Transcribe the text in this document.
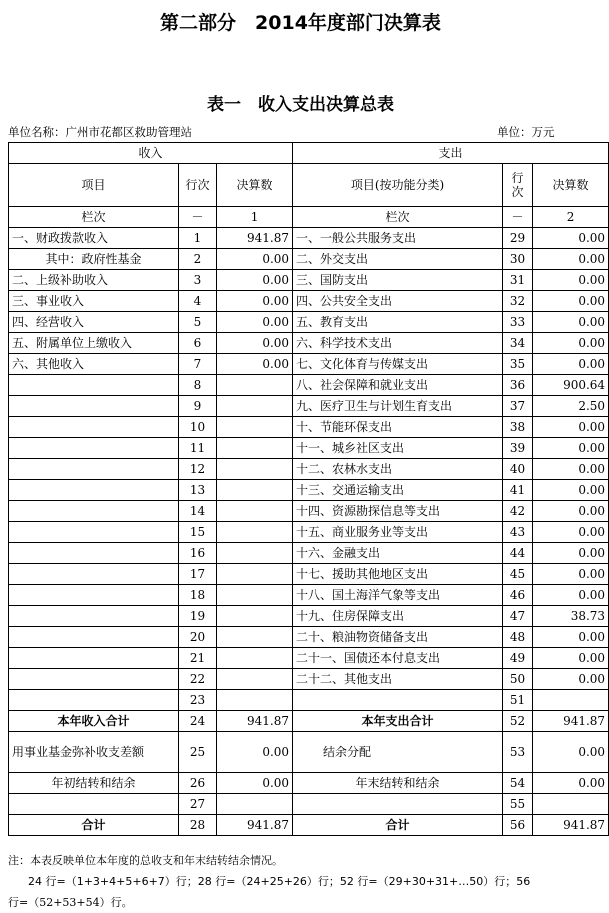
第二部分　2014年度部门决算表
表一　收入支出决算总表
单位名称：广州市花都区救助管理站	单位：万元
收入			支出		
项目	行次	决算数	项目(按功能分类)	行次	决算数
栏次	－	1	栏次	－	2
一、财政拨款收入	1	941.87	一、一般公共服务支出	29	0.00
其中：政府性基金	2	0.00	二、外交支出	30	0.00
二、上级补助收入	3	0.00	三、国防支出	31	0.00
三、事业收入	4	0.00	四、公共安全支出	32	0.00
四、经营收入	5	0.00	五、教育支出	33	0.00
五、附属单位上缴收入	6	0.00	六、科学技术支出	34	0.00
六、其他收入	7	0.00	七、文化体育与传媒支出	35	0.00
	8		八、社会保障和就业支出	36	900.64
	9		九、医疗卫生与计划生育支出	37	2.50
	10		十、节能环保支出	38	0.00
	11		十一、城乡社区支出	39	0.00
	12		十二、农林水支出	40	0.00
	13		十三、交通运输支出	41	0.00
	14		十四、资源勘探信息等支出	42	0.00
	15		十五、商业服务业等支出	43	0.00
	16		十六、金融支出	44	0.00
	17		十七、援助其他地区支出	45	0.00
	18		十八、国土海洋气象等支出	46	0.00
	19		十九、住房保障支出	47	38.73
	20		二十、粮油物资储备支出	48	0.00
	21		二十一、国债还本付息支出	49	0.00
	22		二十二、其他支出	50	0.00
	23			51	
本年收入合计	24	941.87	本年支出合计	52	941.87
用事业基金弥补收支差额	25	0.00	结余分配	53	0.00
年初结转和结余	26	0.00	年末结转和结余	54	0.00
	27			55	
合计	28	941.87	合计	56	941.87
注：本表反映单位本年度的总收支和年末结转结余情况。
24 行=（1+3+4+5+6+7）行；28 行=（24+25+26）行；52 行=（29+30+31+…50）行；56
行=（52+53+54）行。
